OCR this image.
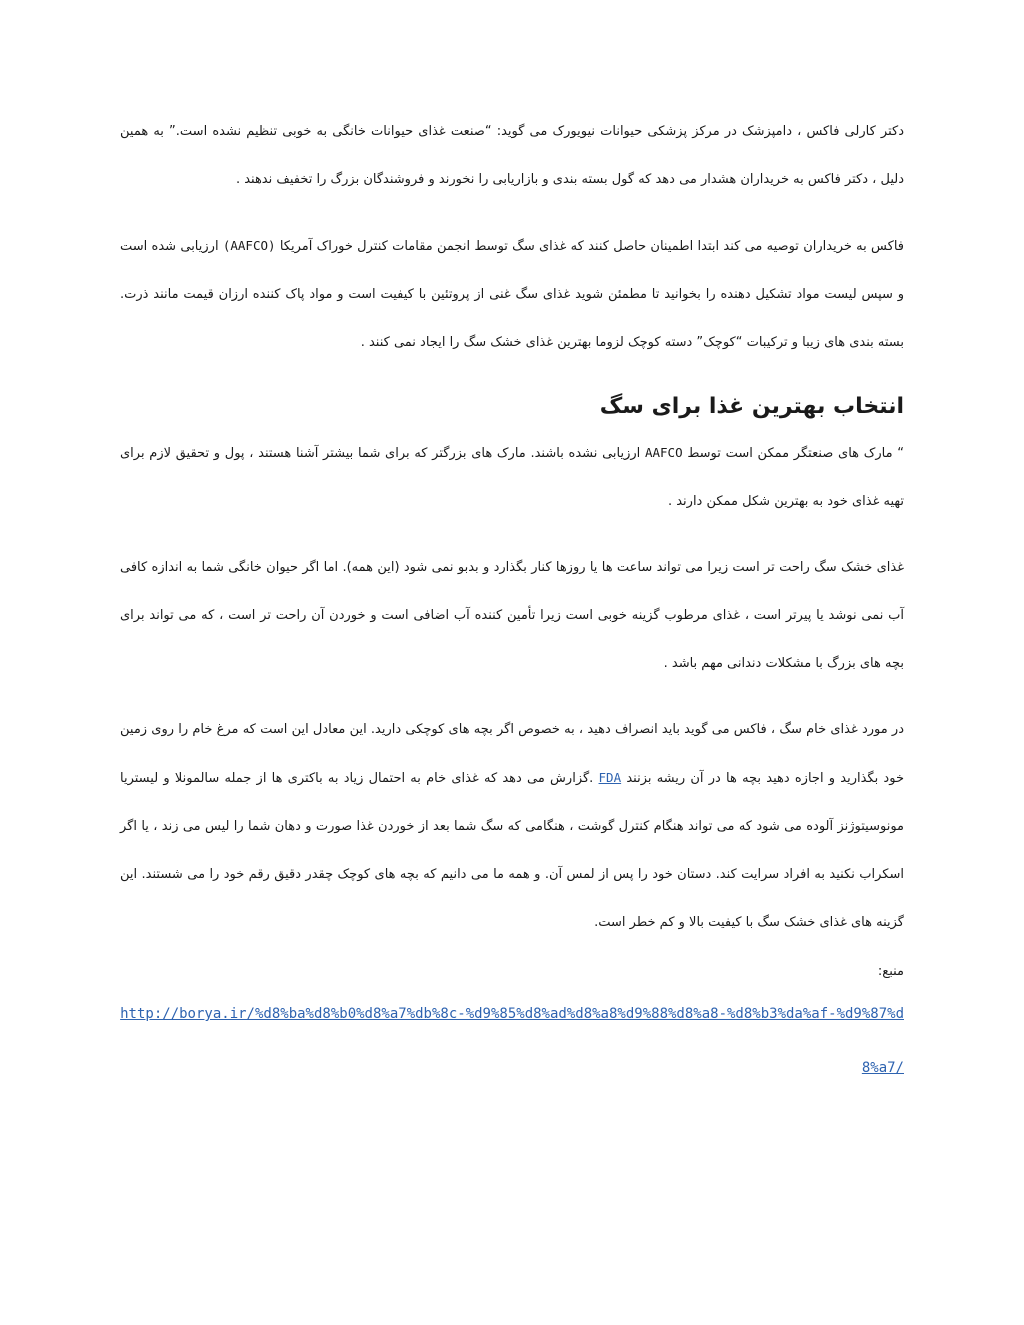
دکتر کارلی فاکس ، دامپزشک در مرکز پزشکی حیوانات نیویورک می گوید: “صنعت غذای حیوانات خانگی به خوبی تنظیم نشده است.” به همین دلیل ، دکتر فاکس به خریداران هشدار می دهد که گول بسته بندی و بازاریابی را نخورند و فروشندگان بزرگ را تخفیف ندهند .

فاکس به خریداران توصیه می کند ابتدا اطمینان حاصل کنند که غذای سگ توسط انجمن مقامات کنترل خوراک آمریکا (AAFCO) ارزیابی شده است و سپس لیست مواد تشکیل دهنده را بخوانید تا مطمئن شوید غذای سگ غنی از پروتئین با کیفیت است و مواد پاک کننده ارزان قیمت مانند ذرت. بسته بندی های زیبا و ترکیبات “کوچک” دسته کوچک لزوما بهترین غذای خشک سگ را ایجاد نمی کنند .

انتخاب بهترین غذا برای سگ

“ مارک های صنعتگر ممکن است توسط AAFCO ارزیابی نشده باشند. مارک های بزرگتر که برای شما بیشتر آشنا هستند ، پول و تحقیق لازم برای تهیه غذای خود به بهترین شکل ممکن دارند .

غذای خشک سگ راحت تر است زیرا می تواند ساعت ها یا روزها کنار بگذارد و بدبو نمی شود (این همه). اما اگر حیوان خانگی شما به اندازه کافی آب نمی نوشد یا پیرتر است ، غذای مرطوب گزینه خوبی است زیرا تأمین کننده آب اضافی است و خوردن آن راحت تر است ، که می تواند برای بچه های بزرگ با مشکلات دندانی مهم باشد .

در مورد غذای خام سگ ، فاکس می گوید باید انصراف دهید ، به خصوص اگر بچه های کوچکی دارید. این معادل این است که مرغ خام را روی زمین خود بگذارید و اجازه دهید بچه ها در آن ریشه بزنند FDA .گزارش می دهد که غذای خام به احتمال زیاد به باکتری ها از جمله سالمونلا و لیستریا مونوسیتوژنز آلوده می شود که می تواند هنگام کنترل گوشت ، هنگامی که سگ شما بعد از خوردن غذا صورت و دهان شما را لیس می زند ، یا اگر اسکراب نکنید به افراد سرایت کند. دستان خود را پس از لمس آن. و همه ما می دانیم که بچه های کوچک چقدر دقیق رقم خود را می شستند. این گزینه های غذای خشک سگ با کیفیت بالا و کم خطر است.

منبع:

http://borya.ir/%d8%ba%d8%b0%d8%a7%db%8c-%d9%85%d8%ad%d8%a8%d9%88%d8%a8-%d8%b3%da%af-%d9%87%d8%a7/
